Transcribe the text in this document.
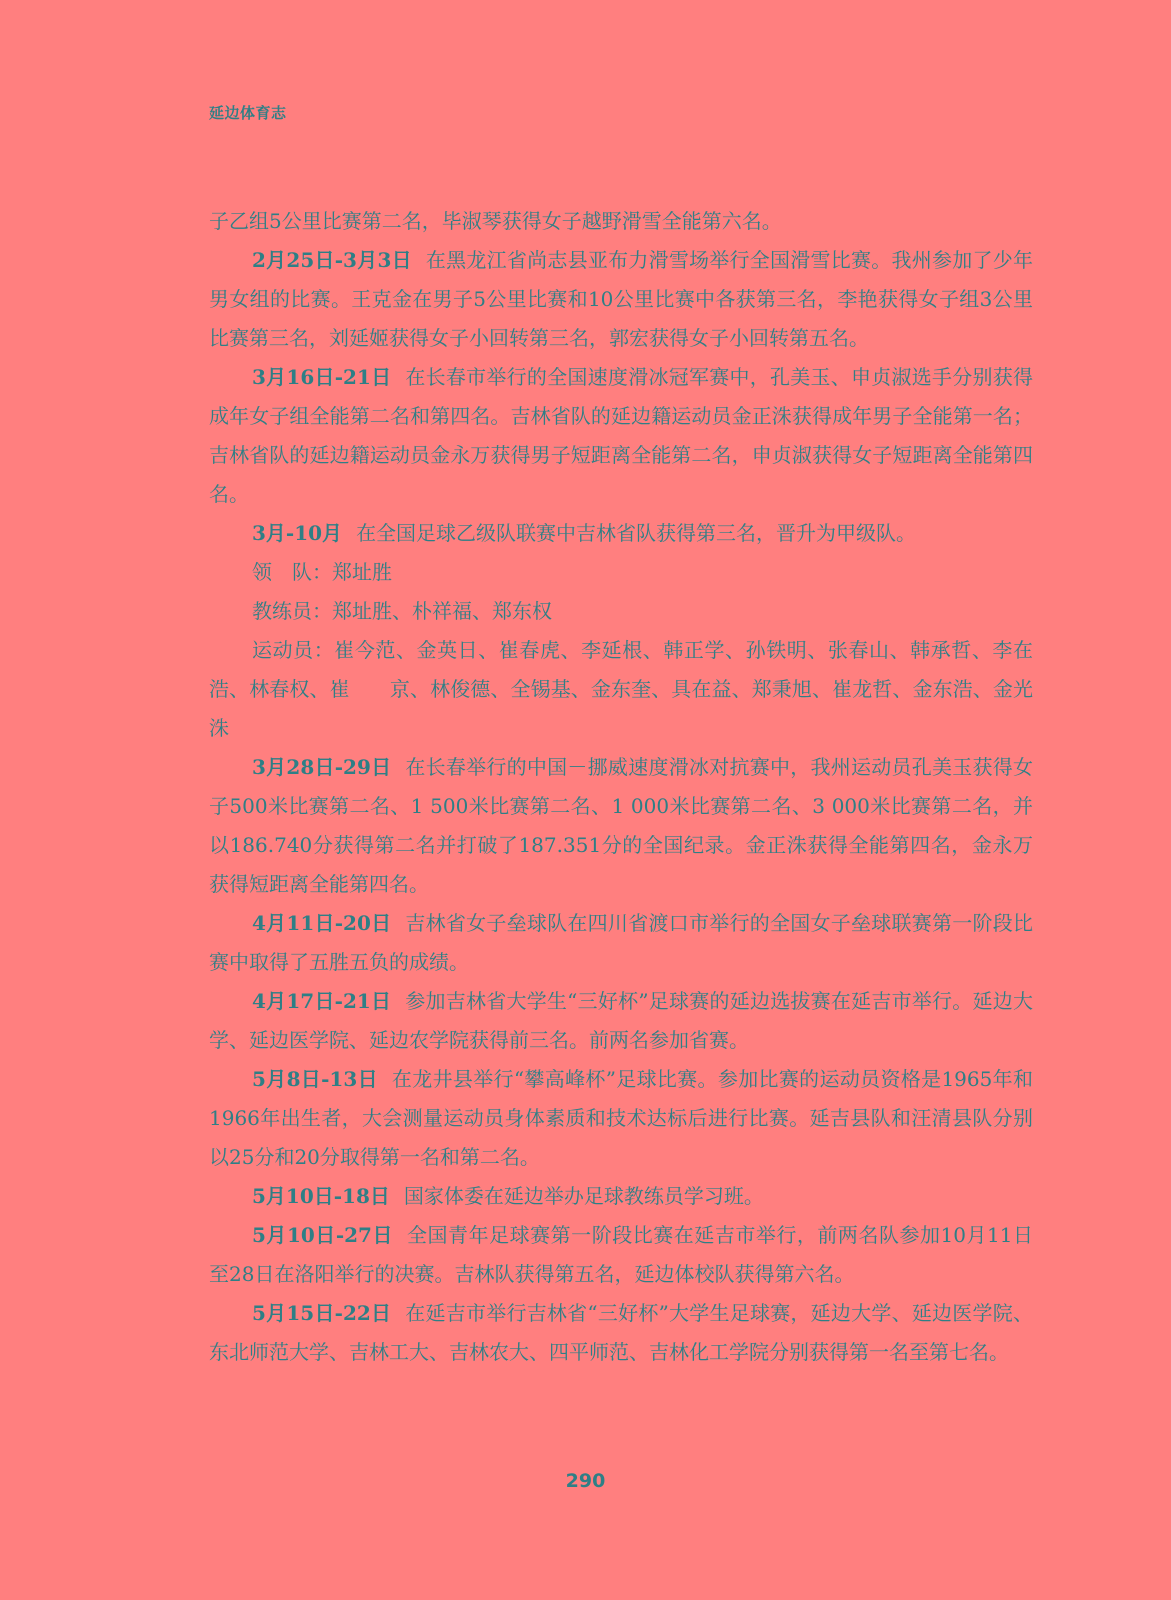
延边体育志

子乙组5公里比赛第二名，毕淑琴获得女子越野滑雪全能第六名。

2月25日-3月3日 在黑龙江省尚志县亚布力滑雪场举行全国滑雪比赛。我州参加了少年男女组的比赛。王克金在男子5公里比赛和10公里比赛中各获第三名，李艳获得女子组3公里比赛第三名，刘延姬获得女子小回转第三名，郭宏获得女子小回转第五名。

3月16日-21日 在长春市举行的全国速度滑冰冠军赛中，孔美玉、申贞淑选手分别获得成年女子组全能第二名和第四名。吉林省队的延边籍运动员金正洙获得成年男子全能第一名；吉林省队的延边籍运动员金永万获得男子短距离全能第二名，申贞淑获得女子短距离全能第四名。

3月-10月 在全国足球乙级队联赛中吉林省队获得第三名，晋升为甲级队。

领　队：郑址胜

教练员：郑址胜、朴祥福、郑东权

运动员：崔今范、金英日、崔春虎、李延根、韩正学、孙铁明、张春山、韩承哲、李在浩、林春权、崔　　京、林俊德、全锡基、金东奎、具在益、郑秉旭、崔龙哲、金东浩、金光洙

3月28日-29日 在长春举行的中国－挪威速度滑冰对抗赛中，我州运动员孔美玉获得女子500米比赛第二名、1 500米比赛第二名、1 000米比赛第二名、3 000米比赛第二名，并以186.740分获得第二名并打破了187.351分的全国纪录。金正洙获得全能第四名，金永万获得短距离全能第四名。

4月11日-20日 吉林省女子垒球队在四川省渡口市举行的全国女子垒球联赛第一阶段比赛中取得了五胜五负的成绩。

4月17日-21日 参加吉林省大学生“三好杯”足球赛的延边选拔赛在延吉市举行。延边大学、延边医学院、延边农学院获得前三名。前两名参加省赛。

5月8日-13日 在龙井县举行“攀高峰杯”足球比赛。参加比赛的运动员资格是1965年和1966年出生者，大会测量运动员身体素质和技术达标后进行比赛。延吉县队和汪清县队分别以25分和20分取得第一名和第二名。

5月10日-18日 国家体委在延边举办足球教练员学习班。

5月10日-27日 全国青年足球赛第一阶段比赛在延吉市举行，前两名队参加10月11日至28日在洛阳举行的决赛。吉林队获得第五名，延边体校队获得第六名。

5月15日-22日 在延吉市举行吉林省“三好杯”大学生足球赛，延边大学、延边医学院、东北师范大学、吉林工大、吉林农大、四平师范、吉林化工学院分别获得第一名至第七名。

290
